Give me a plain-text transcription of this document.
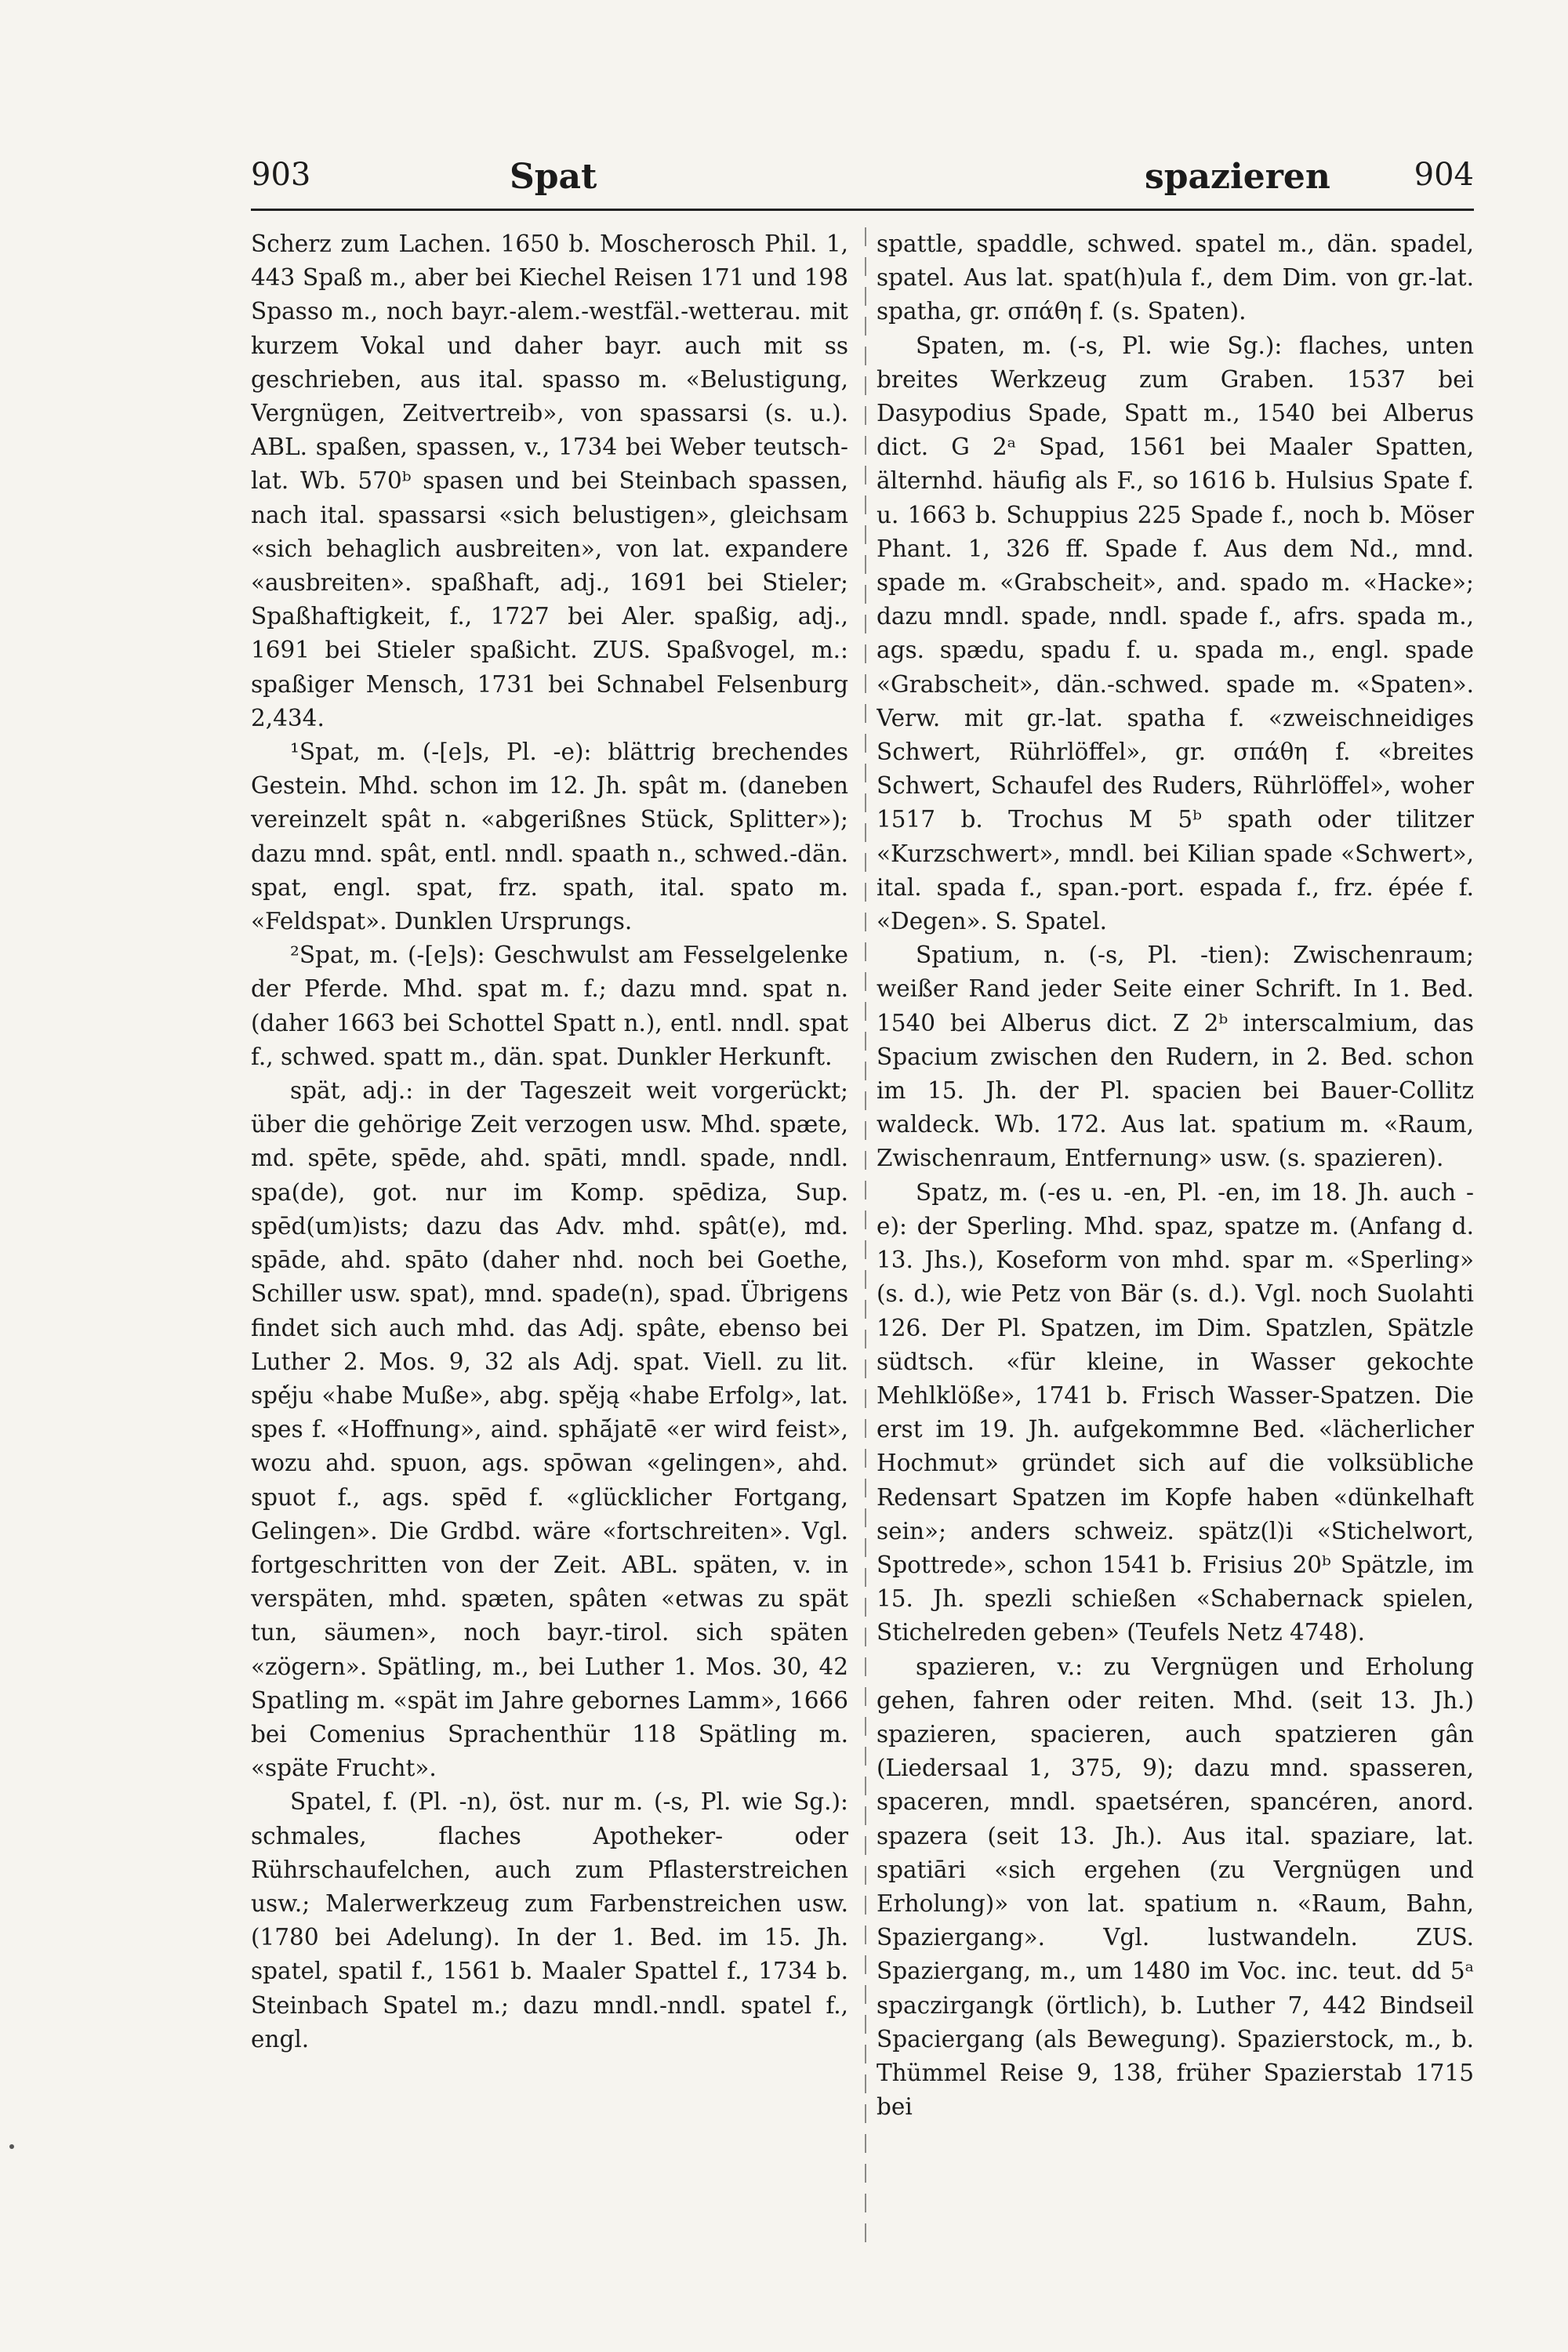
903	Spat	spazieren	904

Scherz zum Lachen. 1650 b. Moscherosch Phil. 1, 443 Spaß m., aber bei Kiechel Reisen 171 und 198 Spasso m., noch bayr.-alem.-westfäl.-wetterau. mit kurzem Vokal und daher bayr. auch mit ss geschrieben, aus ital. spasso m. «Belustigung, Vergnügen, Zeitvertreib», von spassarsi (s. u.). ABL. spaßen, spassen, v., 1734 bei Weber teutsch-lat. Wb. 570ᵇ spasen und bei Steinbach spassen, nach ital. spassarsi «sich belustigen», gleichsam «sich behaglich ausbreiten», von lat. expandere «ausbreiten». spaßhaft, adj., 1691 bei Stieler; Spaßhaftigkeit, f., 1727 bei Aler. spaßig, adj., 1691 bei Stieler spaßicht. ZUS. Spaßvogel, m.: spaßiger Mensch, 1731 bei Schnabel Felsenburg 2,434.

¹Spat, m. (-[e]s, Pl. -e): blättrig brechendes Gestein. Mhd. schon im 12. Jh. spât m. (daneben vereinzelt spât n. «abgerißnes Stück, Splitter»); dazu mnd. spât, entl. nndl. spaath n., schwed.-dän. spat, engl. spat, frz. spath, ital. spato m. «Feldspat». Dunklen Ursprungs.

²Spat, m. (-[e]s): Geschwulst am Fesselgelenke der Pferde. Mhd. spat m. f.; dazu mnd. spat n. (daher 1663 bei Schottel Spatt n.), entl. nndl. spat f., schwed. spatt m., dän. spat. Dunkler Herkunft.

spät, adj.: in der Tageszeit weit vorgerückt; über die gehörige Zeit verzogen usw. Mhd. spæte, md. spēte, spēde, ahd. spāti, mndl. spade, nndl. spa(de), got. nur im Komp. spēdiza, Sup. spēd(um)ists; dazu das Adv. mhd. spât(e), md. spāde, ahd. spāto (daher nhd. noch bei Goethe, Schiller usw. spat), mnd. spade(n), spad. Übrigens findet sich auch mhd. das Adj. spâte, ebenso bei Luther 2. Mos. 9, 32 als Adj. spat. Viell. zu lit. spė́ju «habe Muße», abg. spěją «habe Erfolg», lat. spes f. «Hoffnung», aind. sphā́jatē «er wird feist», wozu ahd. spuon, ags. spōwan «gelingen», ahd. spuot f., ags. spēd f. «glücklicher Fortgang, Gelingen». Die Grdbd. wäre «fortschreiten». Vgl. fortgeschritten von der Zeit. ABL. späten, v. in verspäten, mhd. spæten, spâten «etwas zu spät tun, säumen», noch bayr.-tirol. sich späten «zögern». Spätling, m., bei Luther 1. Mos. 30, 42 Spatling m. «spät im Jahre gebornes Lamm», 1666 bei Comenius Sprachenthür 118 Spätling m. «späte Frucht».

Spatel, f. (Pl. -n), öst. nur m. (-s, Pl. wie Sg.): schmales, flaches Apotheker- oder Rührschaufelchen, auch zum Pflasterstreichen usw.; Malerwerkzeug zum Farbenstreichen usw. (1780 bei Adelung). In der 1. Bed. im 15. Jh. spatel, spatil f., 1561 b. Maaler Spattel f., 1734 b. Steinbach Spatel m.; dazu mndl.-nndl. spatel f., engl.

spattle, spaddle, schwed. spatel m., dän. spadel, spatel. Aus lat. spat(h)ula f., dem Dim. von gr.-lat. spatha, gr. σπάθη f. (s. Spaten).

Spaten, m. (-s, Pl. wie Sg.): flaches, unten breites Werkzeug zum Graben. 1537 bei Dasypodius Spade, Spatt m., 1540 bei Alberus dict. G 2ᵃ Spad, 1561 bei Maaler Spatten, älternhd. häufig als F., so 1616 b. Hulsius Spate f. u. 1663 b. Schuppius 225 Spade f., noch b. Möser Phant. 1, 326 ff. Spade f. Aus dem Nd., mnd. spade m. «Grabscheit», and. spado m. «Hacke»; dazu mndl. spade, nndl. spade f., afrs. spada m., ags. spædu, spadu f. u. spada m., engl. spade «Grabscheit», dän.-schwed. spade m. «Spaten». Verw. mit gr.-lat. spatha f. «zweischneidiges Schwert, Rührlöffel», gr. σπάθη f. «breites Schwert, Schaufel des Ruders, Rührlöffel», woher 1517 b. Trochus M 5ᵇ spath oder tilitzer «Kurzschwert», mndl. bei Kilian spade «Schwert», ital. spada f., span.-port. espada f., frz. épée f. «Degen». S. Spatel.

Spatium, n. (-s, Pl. -tien): Zwischenraum; weißer Rand jeder Seite einer Schrift. In 1. Bed. 1540 bei Alberus dict. Z 2ᵇ interscalmium, das Spacium zwischen den Rudern, in 2. Bed. schon im 15. Jh. der Pl. spacien bei Bauer-Collitz waldeck. Wb. 172. Aus lat. spatium m. «Raum, Zwischenraum, Entfernung» usw. (s. spazieren).

Spatz, m. (-es u. -en, Pl. -en, im 18. Jh. auch -e): der Sperling. Mhd. spaz, spatze m. (Anfang d. 13. Jhs.), Koseform von mhd. spar m. «Sperling» (s. d.), wie Petz von Bär (s. d.). Vgl. noch Suolahti 126. Der Pl. Spatzen, im Dim. Spatzlen, Spätzle südtsch. «für kleine, in Wasser gekochte Mehlklöße», 1741 b. Frisch Wasser-Spatzen. Die erst im 19. Jh. aufgekommne Bed. «lächerlicher Hochmut» gründet sich auf die volksübliche Redensart Spatzen im Kopfe haben «dünkelhaft sein»; anders schweiz. spätz(l)i «Stichelwort, Spottrede», schon 1541 b. Frisius 20ᵇ Spätzle, im 15. Jh. spezli schießen «Schabernack spielen, Stichelreden geben» (Teufels Netz 4748).

spazieren, v.: zu Vergnügen und Erholung gehen, fahren oder reiten. Mhd. (seit 13. Jh.) spazieren, spacieren, auch spatzieren gân (Liedersaal 1, 375, 9); dazu mnd. spasseren, spaceren, mndl. spaetséren, spancéren, anord. spazera (seit 13. Jh.). Aus ital. spaziare, lat. spatiāri «sich ergehen (zu Vergnügen und Erholung)» von lat. spatium n. «Raum, Bahn, Spaziergang». Vgl. lustwandeln. ZUS. Spaziergang, m., um 1480 im Voc. inc. teut. dd 5ᵃ spaczirgangk (örtlich), b. Luther 7, 442 Bindseil Spaciergang (als Bewegung). Spazierstock, m., b. Thümmel Reise 9, 138, früher Spazierstab 1715 bei
